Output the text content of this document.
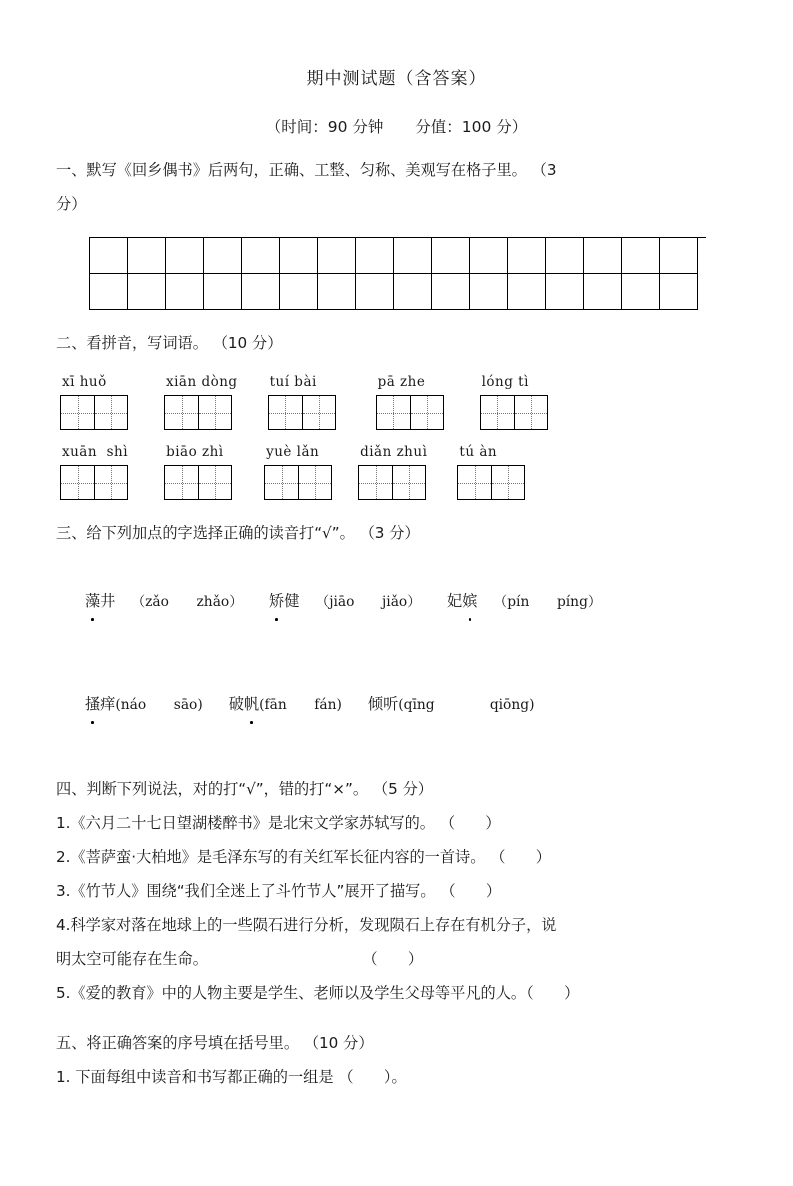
期中测试题（含答案）
（时间：90 分钟 分值：100 分）
一、默写《回乡偶书》后两句，正确、工整、匀称、美观写在格子里。 （3
分）
二、看拼音，写词语。 （10 分）
xī huǒ	xiān dòng tuí bài	pā zhe	lóng tì
xuān  shì	biāo zhì	yuè lǎn	diǎn zhuì tú àn
三、给下列加点的字选择正确的读音打“√”。 （3 分）

藻井 （zǎo　　zhǎo） 矫健 （jiāo　　jiǎo） 妃嫔 （pín　　píng）

搔痒(náo　　sāo) 破帆(fān　　fán) 倾听(qīng　　　　qiōng)

四、判断下列说法，对的打“√”，错的打“×”。 （5 分）
1.《六月二十七日望湖楼醉书》是北宋文学家苏轼写的。 （　　）
2.《菩萨蛮·大柏地》是毛泽东写的有关红军长征内容的一首诗。 （　　）
3.《竹节人》围绕“我们全迷上了斗竹节人”展开了描写。 （　　）
4.科学家对落在地球上的一些陨石进行分析，发现陨石上存在有机分子，说
明太空可能存在生命。                                （　　）
5.《爱的教育》中的人物主要是学生、老师以及学生父母等平凡的人。（　　）
五、将正确答案的序号填在括号里。 （10 分）
1. 下面每组中读音和书写都正确的一组是 （　　）。
